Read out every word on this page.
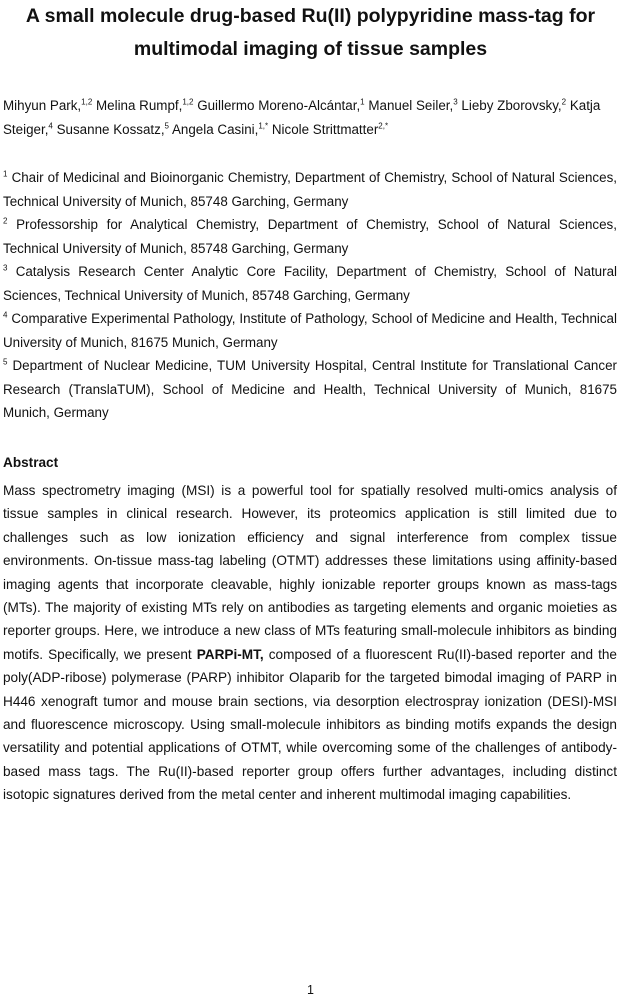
A small molecule drug-based Ru(II) polypyridine mass-tag for multimodal imaging of tissue samples

Mihyun Park,$^{1,2}$ Melina Rumpf,$^{1,2}$ Guillermo Moreno-Alcántar,$^1$ Manuel Seiler,$^3$ Lieby Zborovsky,$^2$ Katja Steiger,$^4$ Susanne Kossatz,$^5$ Angela Casini,$^{1,*}$ Nicole Strittmatter$^{2,*}$

$^1$ Chair of Medicinal and Bioinorganic Chemistry, Department of Chemistry, School of Natural Sciences, Technical University of Munich, 85748 Garching, Germany

$^2$ Professorship for Analytical Chemistry, Department of Chemistry, School of Natural Sciences, Technical University of Munich, 85748 Garching, Germany

$^3$ Catalysis Research Center Analytic Core Facility, Department of Chemistry, School of Natural Sciences, Technical University of Munich, 85748 Garching, Germany

$^4$ Comparative Experimental Pathology, Institute of Pathology, School of Medicine and Health, Technical University of Munich, 81675 Munich, Germany

$^5$ Department of Nuclear Medicine, TUM University Hospital, Central Institute for Translational Cancer Research (TranslaTUM), School of Medicine and Health, Technical University of Munich, 81675 Munich, Germany

Abstract

Mass spectrometry imaging (MSI) is a powerful tool for spatially resolved multi-omics analysis of tissue samples in clinical research. However, its proteomics application is still limited due to challenges such as low ionization efficiency and signal interference from complex tissue environments. On-tissue mass-tag labeling (OTMT) addresses these limitations using affinity-based imaging agents that incorporate cleavable, highly ionizable reporter groups known as mass-tags (MTs). The majority of existing MTs rely on antibodies as targeting elements and organic moieties as reporter groups. Here, we introduce a new class of MTs featuring small-molecule inhibitors as binding motifs. Specifically, we present PARPi-MT, composed of a fluorescent Ru(II)-based reporter and the poly(ADP-ribose) polymerase (PARP) inhibitor Olaparib for the targeted bimodal imaging of PARP in H446 xenograft tumor and mouse brain sections, via desorption electrospray ionization (DESI)-MSI and fluorescence microscopy. Using small-molecule inhibitors as binding motifs expands the design versatility and potential applications of OTMT, while overcoming some of the challenges of antibody-based mass tags. The Ru(II)-based reporter group offers further advantages, including distinct isotopic signatures derived from the metal center and inherent multimodal imaging capabilities.

1
